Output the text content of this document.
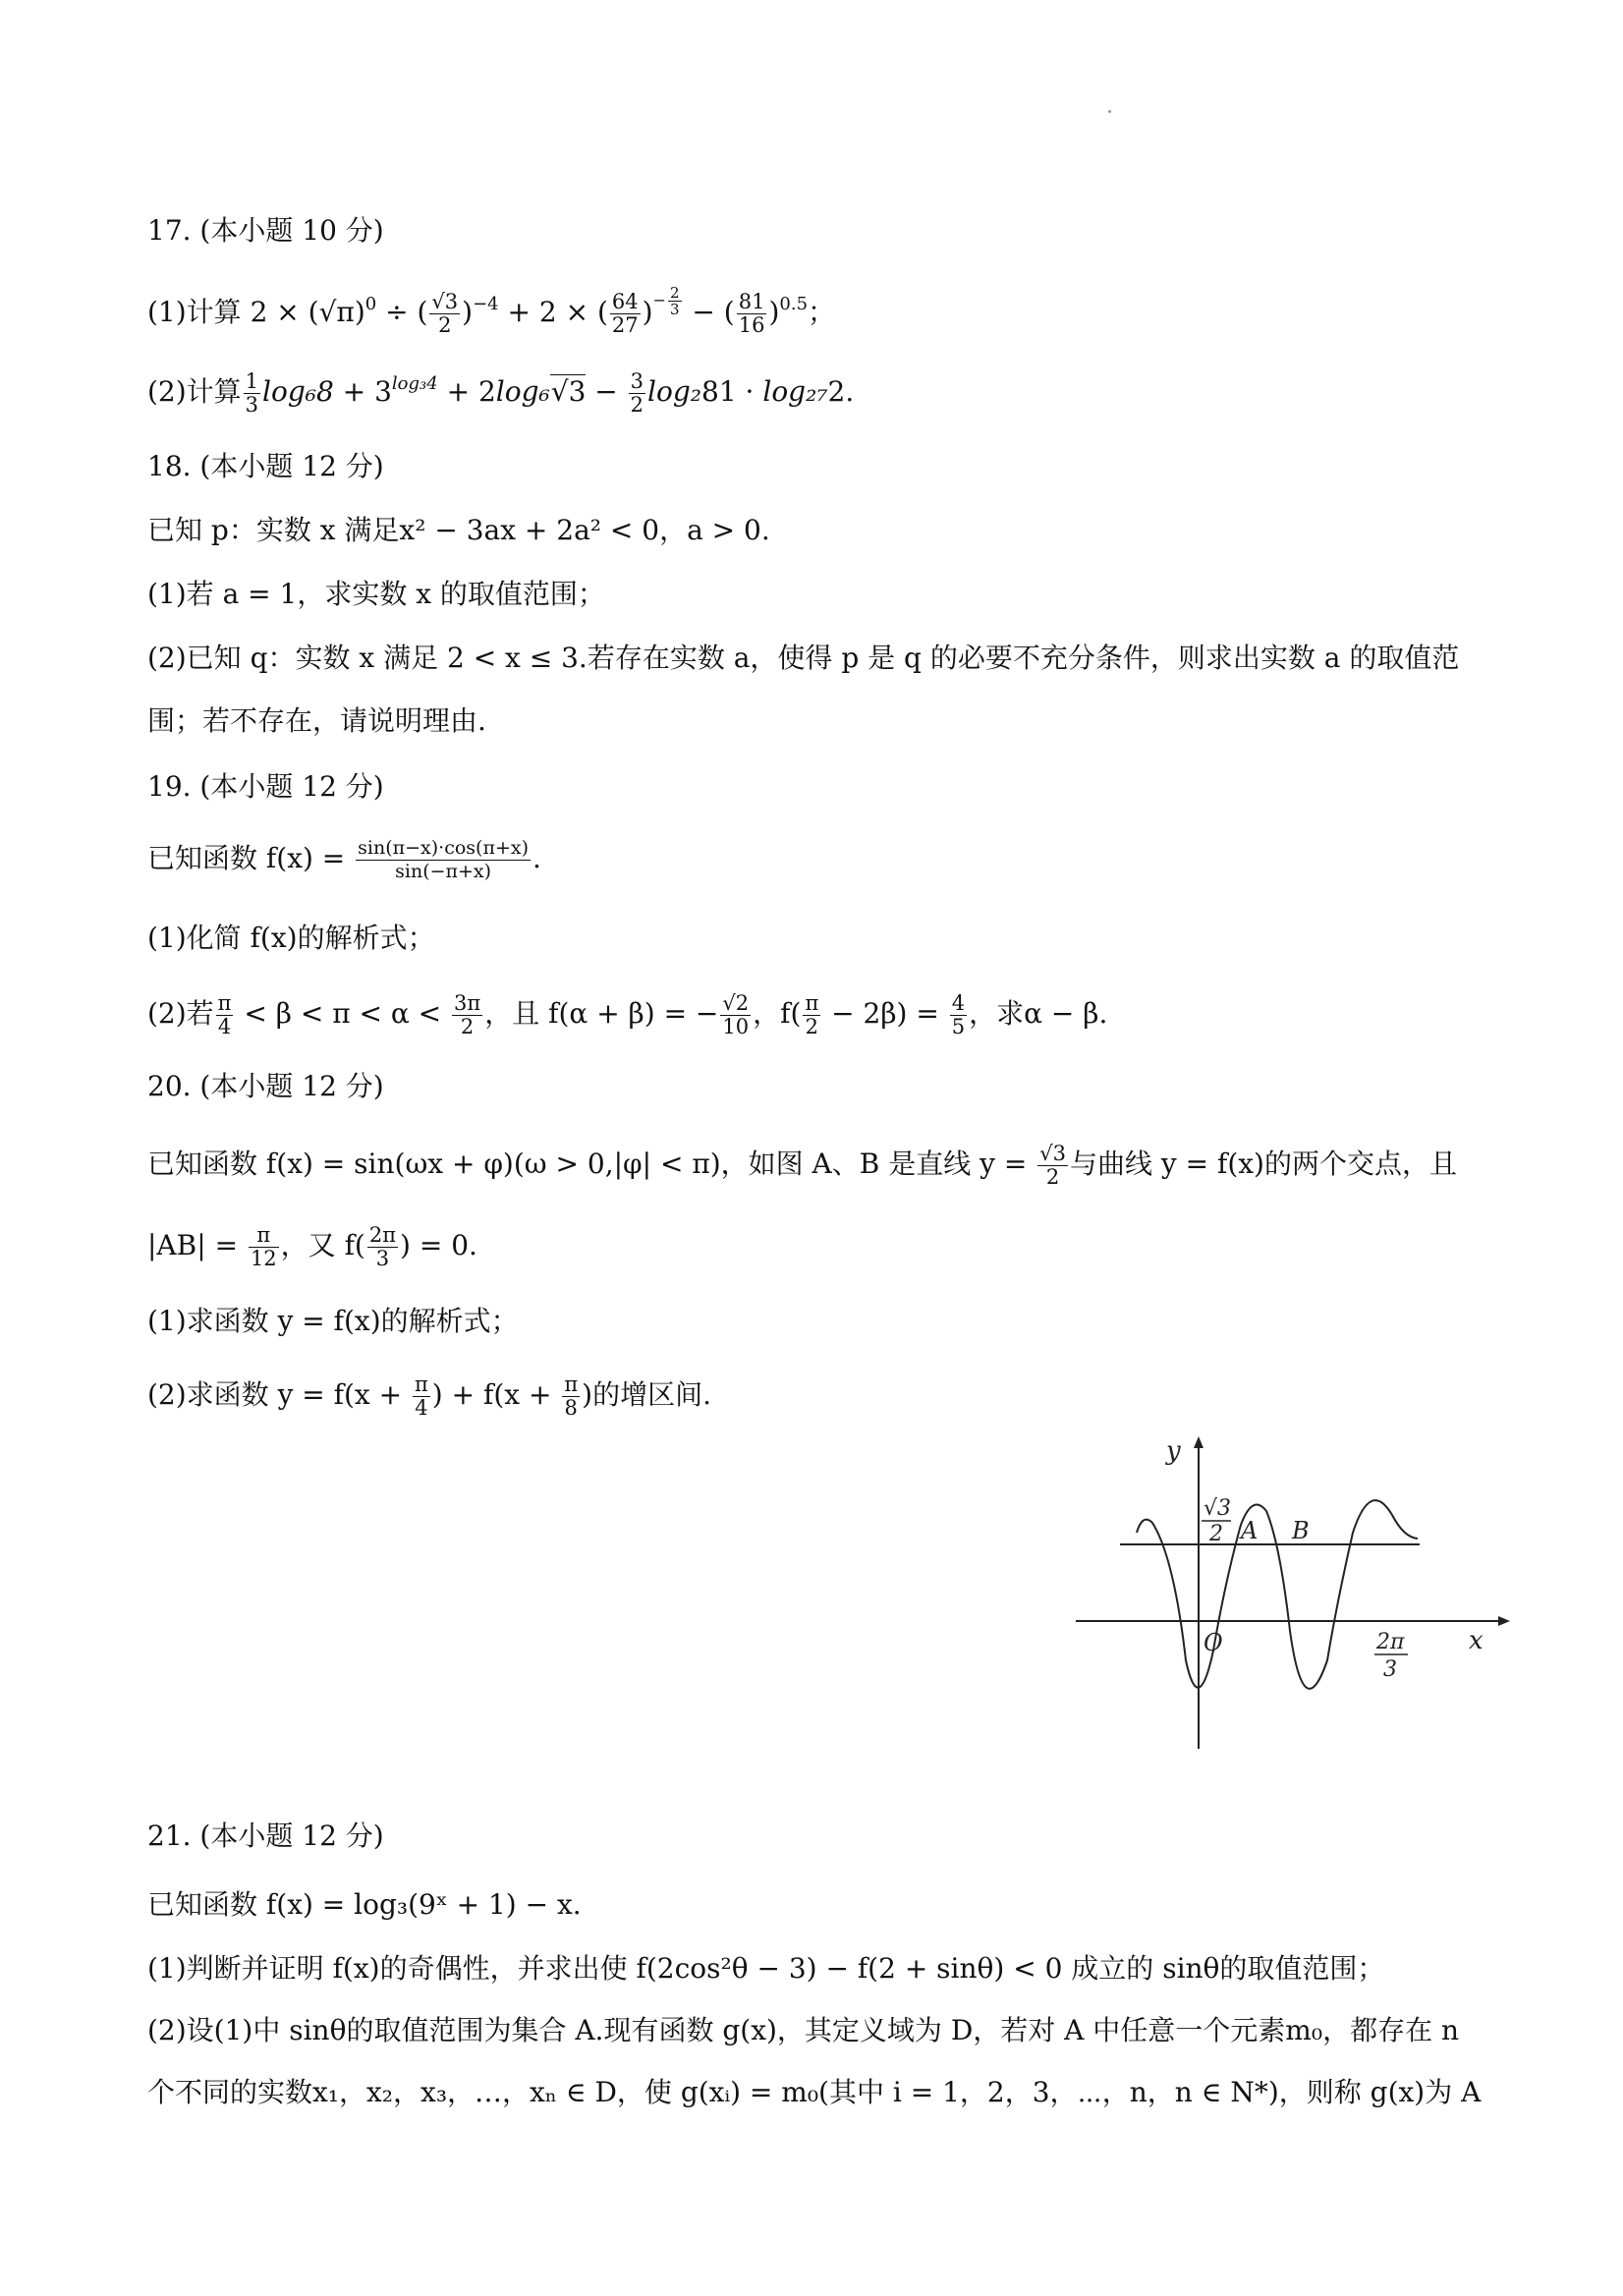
17. (本小题 10 分)
(1)计算 $2 \times (√\pi)^0$ ÷ ( $\frac{√3}{2} )^{-4} + 2$ × ( $\frac{64}{27}$ )− $\frac{2}{3}$ − ( $\frac{81}{16} )^{0.5}$；
(2)计算 $\frac{1}{3} \log_68 + 3^{log_34} + 2\log_6√3 - \frac{3}{2} \log_281 \cdot \log_{27}2$.
18. (本小题 12 分)
已知 p：实数 x 满足x² − 3ax + 2a² < 0，a > 0.
(1)若 a = 1，求实数 x 的取值范围；
(2)已知 q：实数 x 满足 2 < x ≤ 3.若存在实数 a，使得 p 是 q 的必要不充分条件，则求出实数 a 的取值范围；若不存在，请说明理由.
19. (本小题 12 分)
已知函数 $f(x) = \frac{\sin(\pi-x)\cdot\cos(\pi+x)}{\sin(-\pi+x)}$ .
(1)化简 f(x)的解析式；
(2)若 $\frac{\pi}{4} < \beta < \pi < \alpha < \frac{3\pi}{2}$ ，且 f(α + β) = − $\frac{√2}{10}$ ，$f( \frac{\pi}{2} - 2\beta) = \frac{4}{5}$ ，求α − β.
20. (本小题 12 分)
已知函数 f(x) = sin(ωx + φ)(ω > 0,|φ| < π)，如图 A、B 是直线 $y = \frac{√3}{2}$ 与曲线 y = f(x)的两个交点，且
$|AB| = \frac{\pi}{12}$ ，又 $f( \frac{2\pi}{3}$ ) = 0.
(1)求函数 y = f(x)的解析式；
(2)求函数 $y = f(x + \frac{\pi}{4}$ ) + $f(x + \frac{\pi}{8}$ )的增区间.
y
x
O
A B
√3
2
2π
3
21. (本小题 12 分)
已知函数 f(x) = log₃(9ˣ + 1) − x.
(1)判断并证明 f(x)的奇偶性，并求出使 f(2cos²θ − 3) − f(2 + sinθ) < 0 成立的 sinθ的取值范围；
(2)设(1)中 sinθ的取值范围为集合 A.现有函数 g(x)，其定义域为 D，若对 A 中任意一个元素m₀，都存在 n
个不同的实数x₁，x₂，x₃，…，xₙ ∈ D，使 g(xᵢ) = m₀(其中 i = 1，2，3，⋯，n，n ∈ N*)，则称 g(x)为 A
